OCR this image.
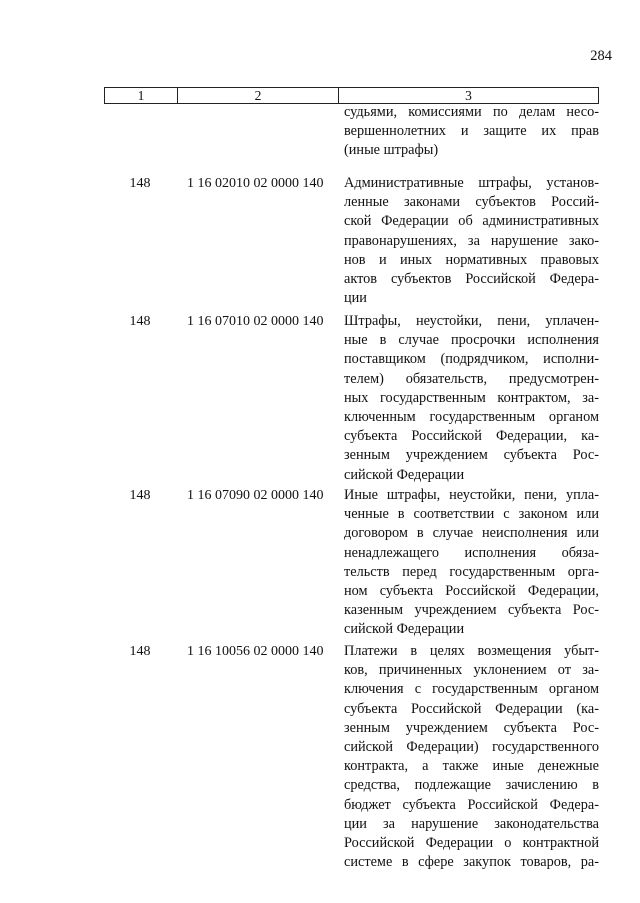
284
1	2	3
судьями, комиссиями по делам несо-
вершеннолетних и защите их прав
(иные штрафы)
148	1 16 02010 02 0000 140 Административные штрафы, установ-
ленные законами субъектов Россий-
ской Федерации об административных
правонарушениях, за нарушение зако-
нов и иных нормативных правовых
актов субъектов Российской Федера-
ции
148	1 16 07010 02 0000 140 Штрафы, неустойки, пени, уплачен-
ные в случае просрочки исполнения
поставщиком (подрядчиком, исполни-
телем) обязательств, предусмотрен-
ных государственным контрактом, за-
ключенным государственным органом
субъекта Российской Федерации, ка-
зенным учреждением субъекта Рос-
сийской Федерации
148	1 16 07090 02 0000 140 Иные штрафы, неустойки, пени, упла-
ченные в соответствии с законом или
договором в случае неисполнения или
ненадлежащего исполнения обяза-
тельств перед государственным орга-
ном субъекта Российской Федерации,
казенным учреждением субъекта Рос-
сийской Федерации
148	1 16 10056 02 0000 140 Платежи в целях возмещения убыт-
ков, причиненных уклонением от за-
ключения с государственным органом
субъекта Российской Федерации (ка-
зенным учреждением субъекта Рос-
сийской Федерации) государственного
контракта, а также иные денежные
средства, подлежащие зачислению в
бюджет субъекта Российской Федера-
ции за нарушение законодательства
Российской Федерации о контрактной
системе в сфере закупок товаров, ра-
